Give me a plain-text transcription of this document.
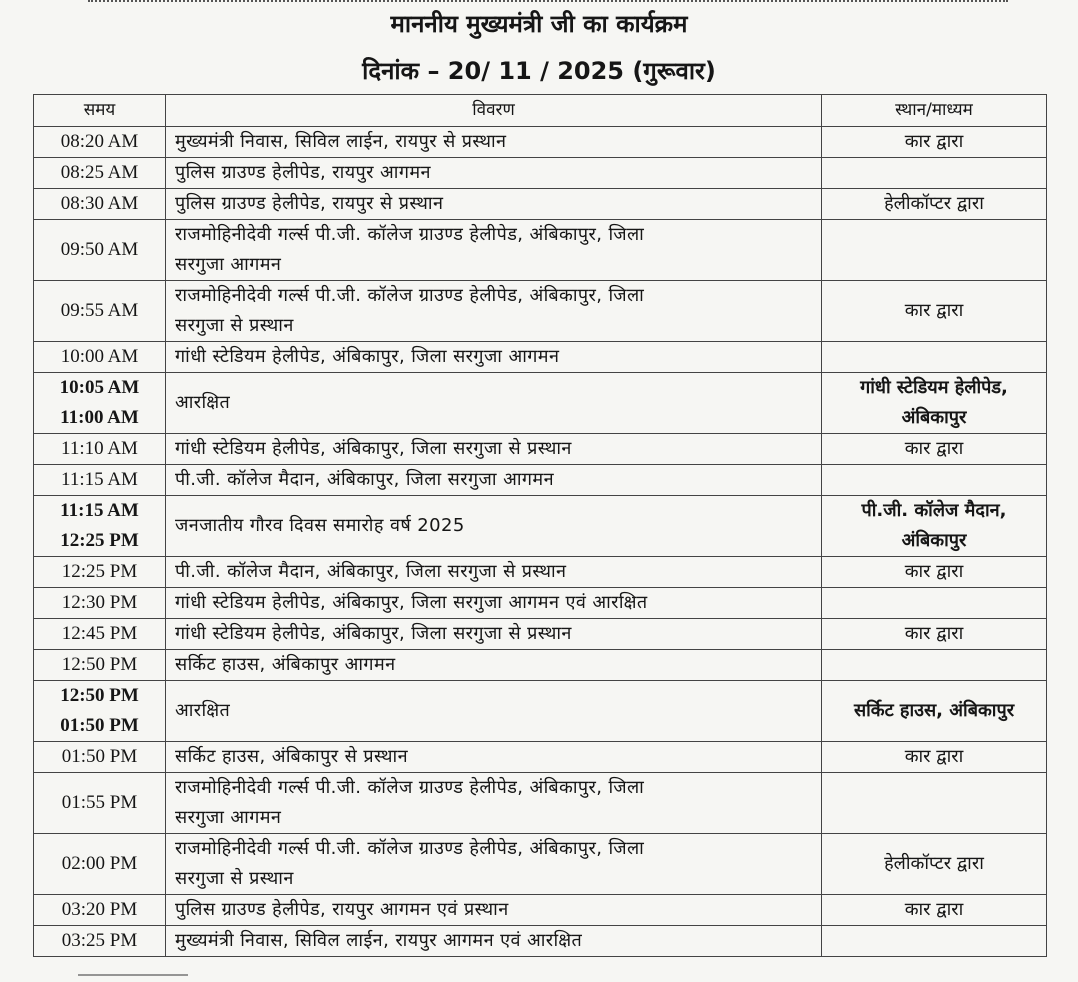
माननीय मुख्यमंत्री जी का कार्यक्रम
दिनांक – 20/ 11 / 2025 (गुरूवार)
समय	विवरण	स्थान/माध्यम

08:20 AM	मुख्यमंत्री निवास, सिविल लाईन, रायपुर से प्रस्थान	कार द्वारा

08:25 AM	पुलिस ग्राउण्ड हेलीपेड, रायपुर आगमन	

08:30 AM	पुलिस ग्राउण्ड हेलीपेड, रायपुर से प्रस्थान	हेलीकॉप्टर द्वारा

09:50 AM	राजमोहिनीदेवी गर्ल्स पी.जी. कॉलेज ग्राउण्ड हेलीपेड, अंबिकापुर, जिला
सरगुजा आगमन	

09:55 AM	राजमोहिनीदेवी गर्ल्स पी.जी. कॉलेज ग्राउण्ड हेलीपेड, अंबिकापुर, जिला
सरगुजा से प्रस्थान	कार द्वारा

10:00 AM	गांधी स्टेडियम हेलीपेड, अंबिकापुर, जिला सरगुजा आगमन	

10:05 AM
11:00 AM	आरक्षित	गांधी स्टेडियम हेलीपेड,
अंबिकापुर

11:10 AM	गांधी स्टेडियम हेलीपेड, अंबिकापुर, जिला सरगुजा से प्रस्थान	कार द्वारा

11:15 AM	पी.जी. कॉलेज मैदान, अंबिकापुर, जिला सरगुजा आगमन	

11:15 AM
12:25 PM	जनजातीय गौरव दिवस समारोह वर्ष 2025	पी.जी. कॉलेज मैदान,
अंबिकापुर

12:25 PM	पी.जी. कॉलेज मैदान, अंबिकापुर, जिला सरगुजा से प्रस्थान	कार द्वारा

12:30 PM	गांधी स्टेडियम हेलीपेड, अंबिकापुर, जिला सरगुजा आगमन एवं आरक्षित	

12:45 PM	गांधी स्टेडियम हेलीपेड, अंबिकापुर, जिला सरगुजा से प्रस्थान	कार द्वारा

12:50 PM	सर्किट हाउस, अंबिकापुर आगमन	

12:50 PM
01:50 PM	आरक्षित	सर्किट हाउस, अंबिकापुर

01:50 PM	सर्किट हाउस, अंबिकापुर से प्रस्थान	कार द्वारा

01:55 PM	राजमोहिनीदेवी गर्ल्स पी.जी. कॉलेज ग्राउण्ड हेलीपेड, अंबिकापुर, जिला
सरगुजा आगमन	

02:00 PM	राजमोहिनीदेवी गर्ल्स पी.जी. कॉलेज ग्राउण्ड हेलीपेड, अंबिकापुर, जिला
सरगुजा से प्रस्थान	हेलीकॉप्टर द्वारा

03:20 PM	पुलिस ग्राउण्ड हेलीपेड, रायपुर आगमन एवं प्रस्थान	कार द्वारा

03:25 PM	मुख्यमंत्री निवास, सिविल लाईन, रायपुर आगमन एवं आरक्षित	
